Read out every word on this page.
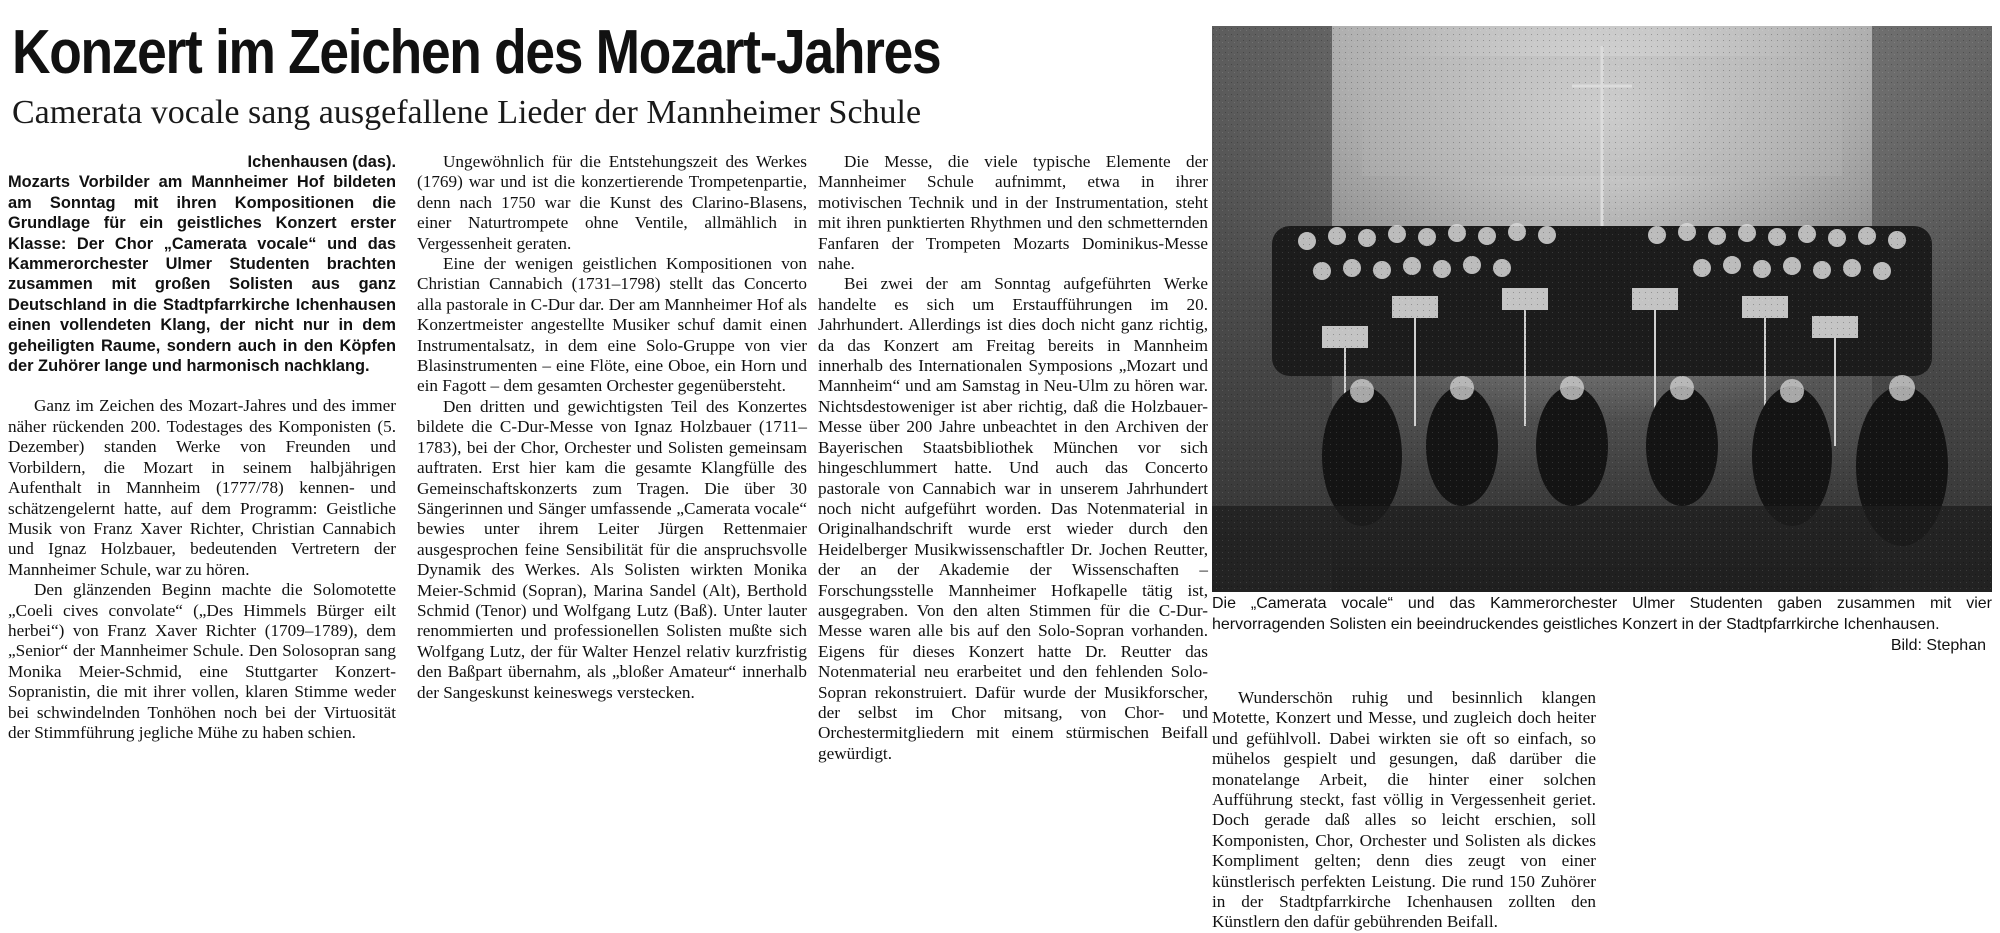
Konzert im Zeichen des Mozart-Jahres
Camerata vocale sang ausgefallene Lieder der Mannheimer Schule

Ichenhausen (das).
Mozarts Vorbilder am Mannheimer Hof bildeten am Sonntag mit ihren Kompositionen die Grundlage für ein geistliches Konzert erster Klasse: Der Chor „Camerata vocale“ und das Kammerorchester Ulmer Studenten brachten zusammen mit großen Solisten aus ganz Deutschland in die Stadtpfarrkirche Ichenhausen einen vollendeten Klang, der nicht nur in dem geheiligten Raume, sondern auch in den Köpfen der Zuhörer lange und harmonisch nachklang.

Ganz im Zeichen des Mozart-Jahres und des immer näher rückenden 200. Todestages des Komponisten (5. Dezember) standen Werke von Freunden und Vorbildern, die Mozart in seinem halbjährigen Aufenthalt in Mannheim (1777/78) kennen- und schätzengelernt hatte, auf dem Programm: Geistliche Musik von Franz Xaver Richter, Christian Cannabich und Ignaz Holzbauer, bedeutenden Vertretern der Mannheimer Schule, war zu hören.

Den glänzenden Beginn machte die Solomotette „Coeli cives convolate“ („Des Himmels Bürger eilt herbei“) von Franz Xaver Richter (1709–1789), dem „Senior“ der Mannheimer Schule. Den Solosopran sang Monika Meier-Schmid, eine Stuttgarter Konzert-Sopranistin, die mit ihrer vollen, klaren Stimme weder bei schwindelnden Tonhöhen noch bei der Virtuosität der Stimmführung jegliche Mühe zu haben schien.

Ungewöhnlich für die Entstehungszeit des Werkes (1769) war und ist die konzertierende Trompetenpartie, denn nach 1750 war die Kunst des Clarino-Blasens, einer Naturtrompete ohne Ventile, allmählich in Vergessenheit geraten.

Eine der wenigen geistlichen Kompositionen von Christian Cannabich (1731–1798) stellt das Concerto alla pastorale in C-Dur dar. Der am Mannheimer Hof als Konzertmeister angestellte Musiker schuf damit einen Instrumentalsatz, in dem eine Solo-Gruppe von vier Blasinstrumenten – eine Flöte, eine Oboe, ein Horn und ein Fagott – dem gesamten Orchester gegenübersteht.

Den dritten und gewichtigsten Teil des Konzertes bildete die C-Dur-Messe von Ignaz Holzbauer (1711–1783), bei der Chor, Orchester und Solisten gemeinsam auftraten. Erst hier kam die gesamte Klangfülle des Gemeinschaftskonzerts zum Tragen. Die über 30 Sängerinnen und Sänger umfassende „Camerata vocale“ bewies unter ihrem Leiter Jürgen Rettenmaier ausgesprochen feine Sensibilität für die anspruchsvolle Dynamik des Werkes. Als Solisten wirkten Monika Meier-Schmid (Sopran), Marina Sandel (Alt), Berthold Schmid (Tenor) und Wolfgang Lutz (Baß). Unter lauter renommierten und professionellen Solisten mußte sich Wolfgang Lutz, der für Walter Henzel relativ kurzfristig den Baßpart übernahm, als „bloßer Amateur“ innerhalb der Sangeskunst keineswegs verstecken.

Die Messe, die viele typische Elemente der Mannheimer Schule aufnimmt, etwa in ihrer motivischen Technik und in der Instrumentation, steht mit ihren punktierten Rhythmen und den schmetternden Fanfaren der Trompeten Mozarts Dominikus-Messe nahe.

Bei zwei der am Sonntag aufgeführten Werke handelte es sich um Erstaufführungen im 20. Jahrhundert. Allerdings ist dies doch nicht ganz richtig, da das Konzert am Freitag bereits in Mannheim innerhalb des Internationalen Symposions „Mozart und Mannheim“ und am Samstag in Neu-Ulm zu hören war. Nichtsdestoweniger ist aber richtig, daß die Holzbauer-Messe über 200 Jahre unbeachtet in den Archiven der Bayerischen Staatsbibliothek München vor sich hingeschlummert hatte. Und auch das Concerto pastorale von Cannabich war in unserem Jahrhundert noch nicht aufgeführt worden. Das Notenmaterial in Originalhandschrift wurde erst wieder durch den Heidelberger Musikwissenschaftler Dr. Jochen Reutter, der an der Akademie der Wissenschaften – Forschungsstelle Mannheimer Hofkapelle tätig ist, ausgegraben. Von den alten Stimmen für die C-Dur-Messe waren alle bis auf den Solo-Sopran vorhanden. Eigens für dieses Konzert hatte Dr. Reutter das Notenmaterial neu erarbeitet und den fehlenden Solo-Sopran rekonstruiert. Dafür wurde der Musikforscher, der selbst im Chor mitsang, von Chor- und Orchestermitgliedern mit einem stürmischen Beifall gewürdigt.

Die „Camerata vocale“ und das Kammerorchester Ulmer Studenten gaben zusammen mit vier hervorragenden Solisten ein beeindruckendes geistliches Konzert in der Stadtpfarrkirche Ichenhausen.

Bild: Stephan

Wunderschön ruhig und besinnlich klangen Motette, Konzert und Messe, und zugleich doch heiter und gefühlvoll. Dabei wirkten sie oft so einfach, so mühelos gespielt und gesungen, daß darüber die monatelange Arbeit, die hinter einer solchen Aufführung steckt, fast völlig in Vergessenheit geriet. Doch gerade daß alles so leicht erschien, soll Komponisten, Chor, Orchester und Solisten als dickes Kompliment gelten; denn dies zeugt von einer künstlerisch perfekten Leistung. Die rund 150 Zuhörer in der Stadtpfarrkirche Ichenhausen zollten den Künstlern den dafür gebührenden Beifall.
